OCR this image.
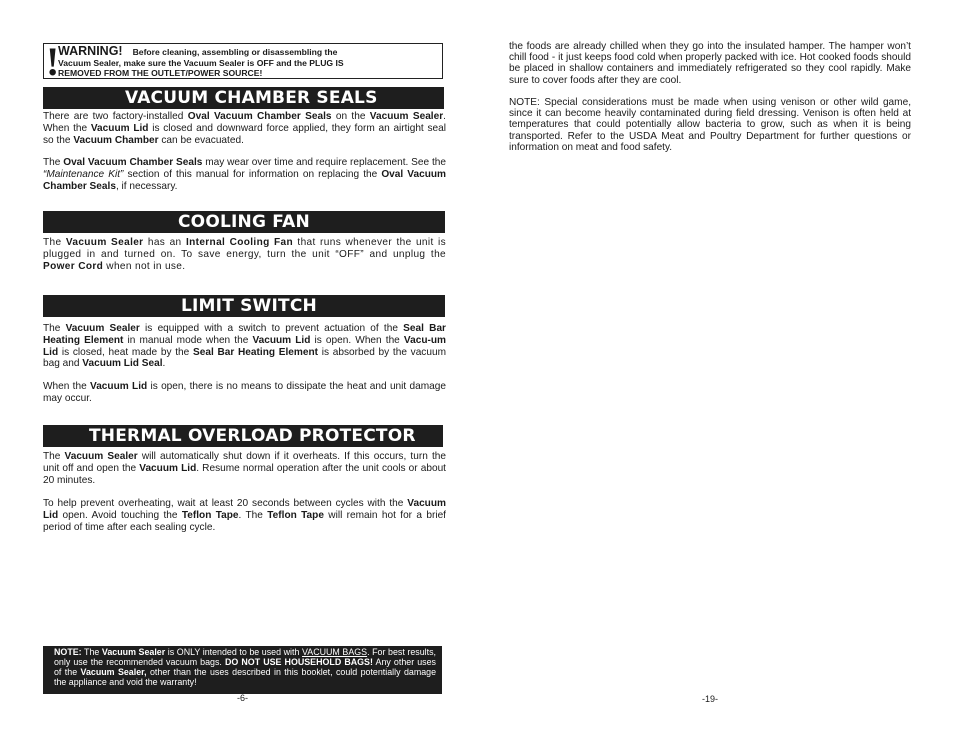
!
WARNING! Before cleaning, assembling or disassembling the
Vacuum Sealer, make sure the Vacuum Sealer is OFF and the PLUG IS
REMOVED FROM THE OUTLET/POWER SOURCE!
VACUUM CHAMBER SEALS
There are two factory-installed Oval Vacuum Chamber Seals on the Vacuum Sealer. When the Vacuum Lid is closed and downward force applied, they form an airtight seal so the Vacuum Chamber can be evacuated.
The Oval Vacuum Chamber Seals may wear over time and require replacement. See the “Maintenance Kit” section of this manual for information on replacing the Oval Vacuum Chamber Seals, if necessary.
COOLING FAN
The Vacuum Sealer has an Internal Cooling Fan that runs whenever the unit is plugged in and turned on. To save energy, turn the unit “OFF” and unplug the Power Cord when not in use.
LIMIT SWITCH
The Vacuum Sealer is equipped with a switch to prevent actuation of the Seal Bar Heating Element in manual mode when the Vacuum Lid is open. When the Vacu-um Lid is closed, heat made by the Seal Bar Heating Element is absorbed by the vacuum bag and Vacuum Lid Seal.
When the Vacuum Lid is open, there is no means to dissipate the heat and unit damage may occur.
THERMAL OVERLOAD PROTECTOR
The Vacuum Sealer will automatically shut down if it overheats. If this occurs, turn the unit off and open the Vacuum Lid. Resume normal operation after the unit cools or about 20 minutes.
To help prevent overheating, wait at least 20 seconds between cycles with the Vacuum Lid open. Avoid touching the Teflon Tape. The Teflon Tape will remain hot for a brief period of time after each sealing cycle.
NOTE: The Vacuum Sealer is ONLY intended to be used with VACUUM BAGS. For best results, only use the recommended vacuum bags. DO NOT USE HOUSEHOLD BAGS! Any other uses of the Vacuum Sealer, other than the uses described in this booklet, could potentially damage the appliance and void the warranty!
-6-
the foods are already chilled when they go into the insulated hamper. The hamper won’t chill food - it just keeps food cold when properly packed with ice. Hot cooked foods should be placed in shallow containers and immediately refrigerated so they cool rapidly. Make sure to cover foods after they are cool.
NOTE: Special considerations must be made when using venison or other wild game, since it can become heavily contaminated during field dressing. Venison is often held at temperatures that could potentially allow bacteria to grow, such as when it is being transported. Refer to the USDA Meat and Poultry Department for further questions or information on meat and food safety.
-19-
